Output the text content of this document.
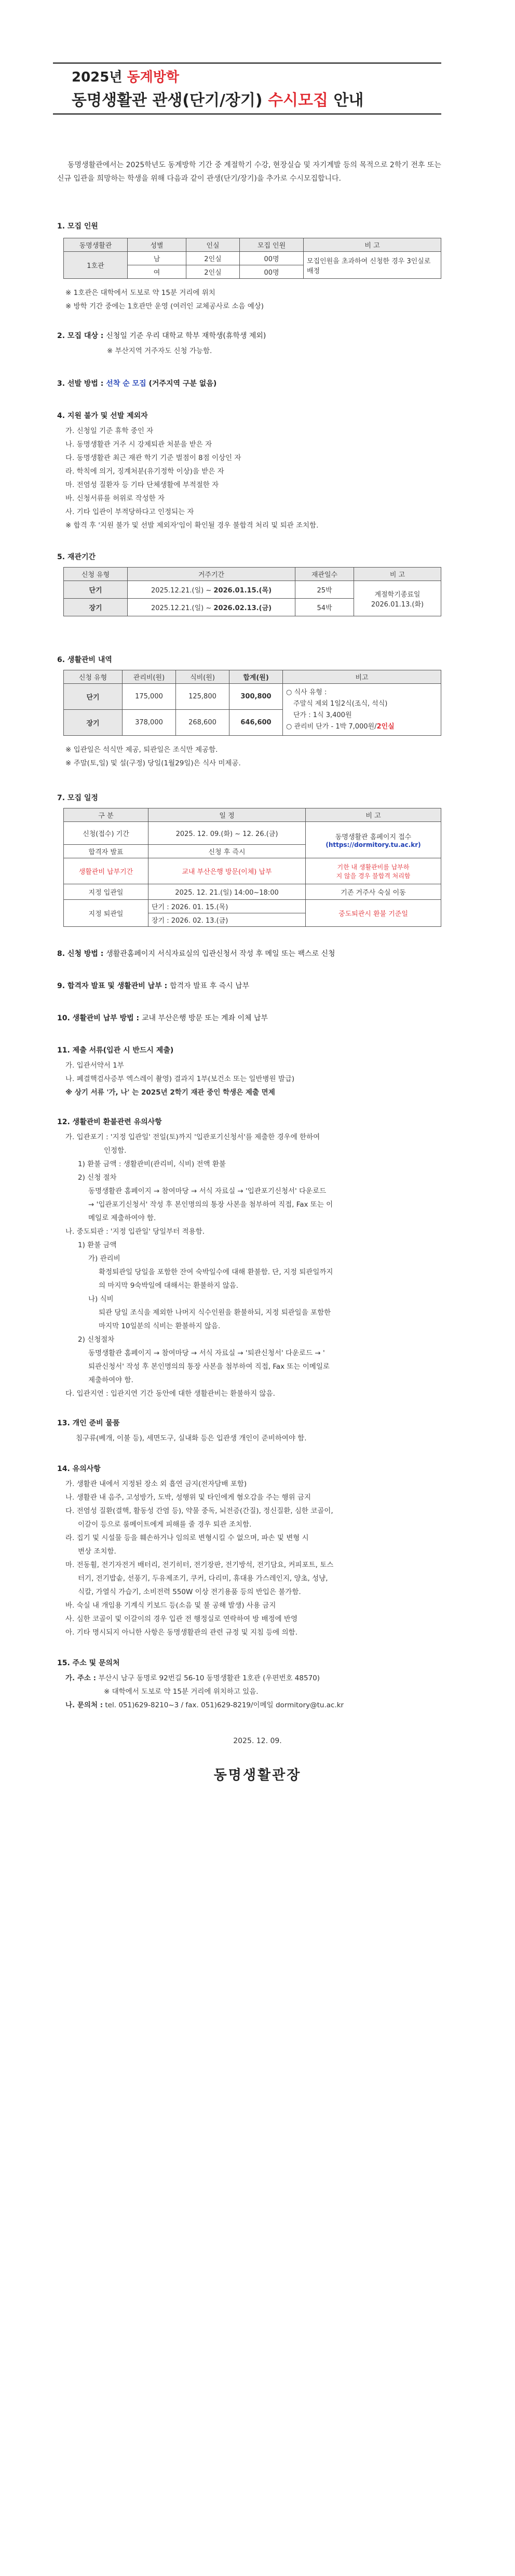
2025년 동계방학
동명생활관 관생(단기/장기) 수시모집 안내
동명생활관에서는 2025학년도 동계방학 기간 중 계절학기 수강, 현장실습 및 자기계발 등의 목적으로 2학기 전후 또는 신규 입관을 희망하는 학생을 위해 다음과 같이 관생(단기/장기)을 추가로 수시모집합니다.
1. 모집 인원
동명생활관	성별	인실	모집 인원	비 고
1호관	남	2인실	00명	모집인원을 초과하여 신청한 경우 3인실로 배정
	여	2인실	00명	
※ 1호관은 대학에서 도보로 약 15분 거리에 위치
※ 방학 기간 중에는 1호관만 운영 (여러인 교체공사로 소음 예상)
2. 모집 대상 : 신청일 기준 우리 대학교 학부 재학생(휴학생 제외)
※ 부산지역 거주자도 신청 가능함.
3. 선발 방법 : 선착 순 모집 (거주지역 구분 없음)
4. 지원 불가 및 선발 제외자
가. 신청일 기준 휴학 중인 자
나. 동명생활관 거주 시 강제퇴관 처분을 받은 자
다. 동명생활관 최근 재관 학기 기준 벌점이 8점 이상인 자
라. 학칙에 의거, 징계처분(유기정학 이상)을 받은 자
마. 전염성 질환자 등 기타 단체생활에 부적절한 자
바. 신청서류를 허위로 작성한 자
사. 기타 입관이 부적당하다고 인정되는 자
※ 합격 후 '지원 불가 및 선발 제외자'임이 확인될 경우 불합격 처리 및 퇴관 조치함.
5. 재관기간
신청 유형	거주기간	재관일수	비 고
단기	2025.12.21.(일) ~ 2026.01.15.(목)	25박	계절학기종료일
2026.01.13.(화)

장기	2025.12.21.(일) ~ 2026.02.13.(금)	54박	
6. 생활관비 내역
신청 유형	관리비(원)	식비(원)	합계(원)	비고
단기	175,000	125,800	300,800	○ 식사 유형 :
주말식 제외 1일2식(조식, 석식)
단가 : 1식 3,400원
○ 관리비 단가 - 1박 7,000원/2인실

장기	378,000	268,600	646,600	
※ 입관일은 석식만 제공, 퇴관일은 조식만 제공함.
※ 주말(토,일) 및 설(구정) 당일(1월29일)은 식사 미제공.
7. 모집 일정
구 분	일 정	비 고
신청(접수) 기간	2025. 12. 09.(화) ~ 12. 26.(금)	동명생활관 홈페이지 접수
(https://dormitory.tu.ac.kr)

합격자 발표	신청 후 즉시	
생활관비 납부기간	교내 부산은행 방문(이체) 납부	기한 내 생활관비를 납부하
지 않을 경우 불합격 처리함

지정 입관일	2025. 12. 21.(일) 14:00~18:00	기존 거주사 숙실 이동
지정 퇴관일	단기 : 2026. 01. 15.(목)	중도퇴관시 환불 기준일
	장기 : 2026. 02. 13.(금)	
8. 신청 방법 : 생활관홈페이지 서식자료실의 입관신청서 작성 후 메일 또는 팩스로 신청
9. 합격자 발표 및 생활관비 납부 : 합격자 발표 후 즉시 납부
10. 생활관비 납부 방법 : 교내 부산은행 방문 또는 계좌 이체 납부
11. 제출 서류(입관 시 반드시 제출)
가. 입관서약서 1부
나. 폐결핵검사증부 엑스레이 촬영) 결과지 1부(보건소 또는 일반병원 발급)
※ 상기 서류 '가, 나' 는 2025년 2학기 재관 중인 학생은 제출 면제
12. 생활관비 환불관련 유의사항
가. 입관포기 : '지정 입관일' 전일(토)까지 '입관포기신청서'를 제출한 경우에 한하여
인정함.
1) 환불 금액 : 생활관비(관리비, 식비) 전액 환불
2) 신청 절차
동명생활관 홈페이지 → 참여마당 → 서식 자료실 → '입관포기신청서' 다운로드
→ '입관포기신청서' 작성 후 본인명의의 통장 사본을 첨부하여 직접, Fax 또는 이
메일로 제출하여야 함.
나. 중도퇴관 : '지정 입관일' 당일부터 적용함.
1) 환불 금액
가) 관리비
확정퇴관일 당일을 포함한 잔여 숙박일수에 대해 환불함. 단, 지정 퇴관일까지
의 마지막 9숙박일에 대해서는 환불하지 않음.
나) 식비
퇴관 당일 조식을 제외한 나머지 식수인원을 환불하되, 지정 퇴관일을 포함한
마지막 10일분의 식비는 환불하지 않음.
2) 신청절차
동명생활관 홈페이지 → 참여마당 → 서식 자료실 → '퇴관신청서' 다운로드 → '
퇴관신청서' 작성 후 본인명의의 통장 사본을 첨부하여 직접, Fax 또는 이메일로
제출하여야 함.
다. 입관지연 : 입관지연 기간 동안에 대한 생활관비는 환불하지 않음.
13. 개인 준비 물품
침구류(베개, 이불 등), 세면도구, 실내화 등은 입관생 개인이 준비하여야 함.
14. 유의사항
가. 생활관 내에서 지정된 장소 외 흡연 금지(전자담배 포함)
나. 생활관 내 음주, 고성방가, 도박, 성행위 및 타인에게 혐오감을 주는 행위 금지
다. 전염성 질환(결핵, 활동성 간염 등), 약물 중독, 뇌전증(간질), 정신질환, 심한 코골이,
이갈이 등으로 룸메이트에게 피해를 줄 경우 퇴관 조치함.
라. 집기 및 시설물 등을 훼손하거나 임의로 변형시킬 수 없으며, 파손 및 변형 시
변상 조치함.
마. 전동휠, 전기자전거 배터리, 전기히터, 전기장판, 전기방석, 전기담요, 커피포트, 토스
터기, 전기밥솥, 선풍기, 두유제조기, 쿠커, 다리미, 휴대용 가스레인지, 양초, 성냥,
식칼, 가열식 가습기, 소비전력 550W 이상 전기용품 등의 반입은 불가함.
바. 숙실 내 개임용 기계식 키보드 등(소음 및 불 공해 발생) 사용 금지
사. 심한 코골이 및 이갈이의 경우 입관 전 행정실로 연락하여 방 배정에 반영
아. 기타 명시되지 아니한 사항은 동명생활관의 관련 규정 및 지침 등에 의함.
15. 주소 및 문의처
가. 주소 : 부산시 남구 동명로 92번길 56-10 동명생활관 1호관 (우편번호 48570)
※ 대학에서 도보로 약 15분 거리에 위치하고 있음.
나. 문의처 : tel. 051)629-8210~3 / fax. 051)629-8219/이메일 dormitory@tu.ac.kr
2025. 12. 09.
동명생활관장
